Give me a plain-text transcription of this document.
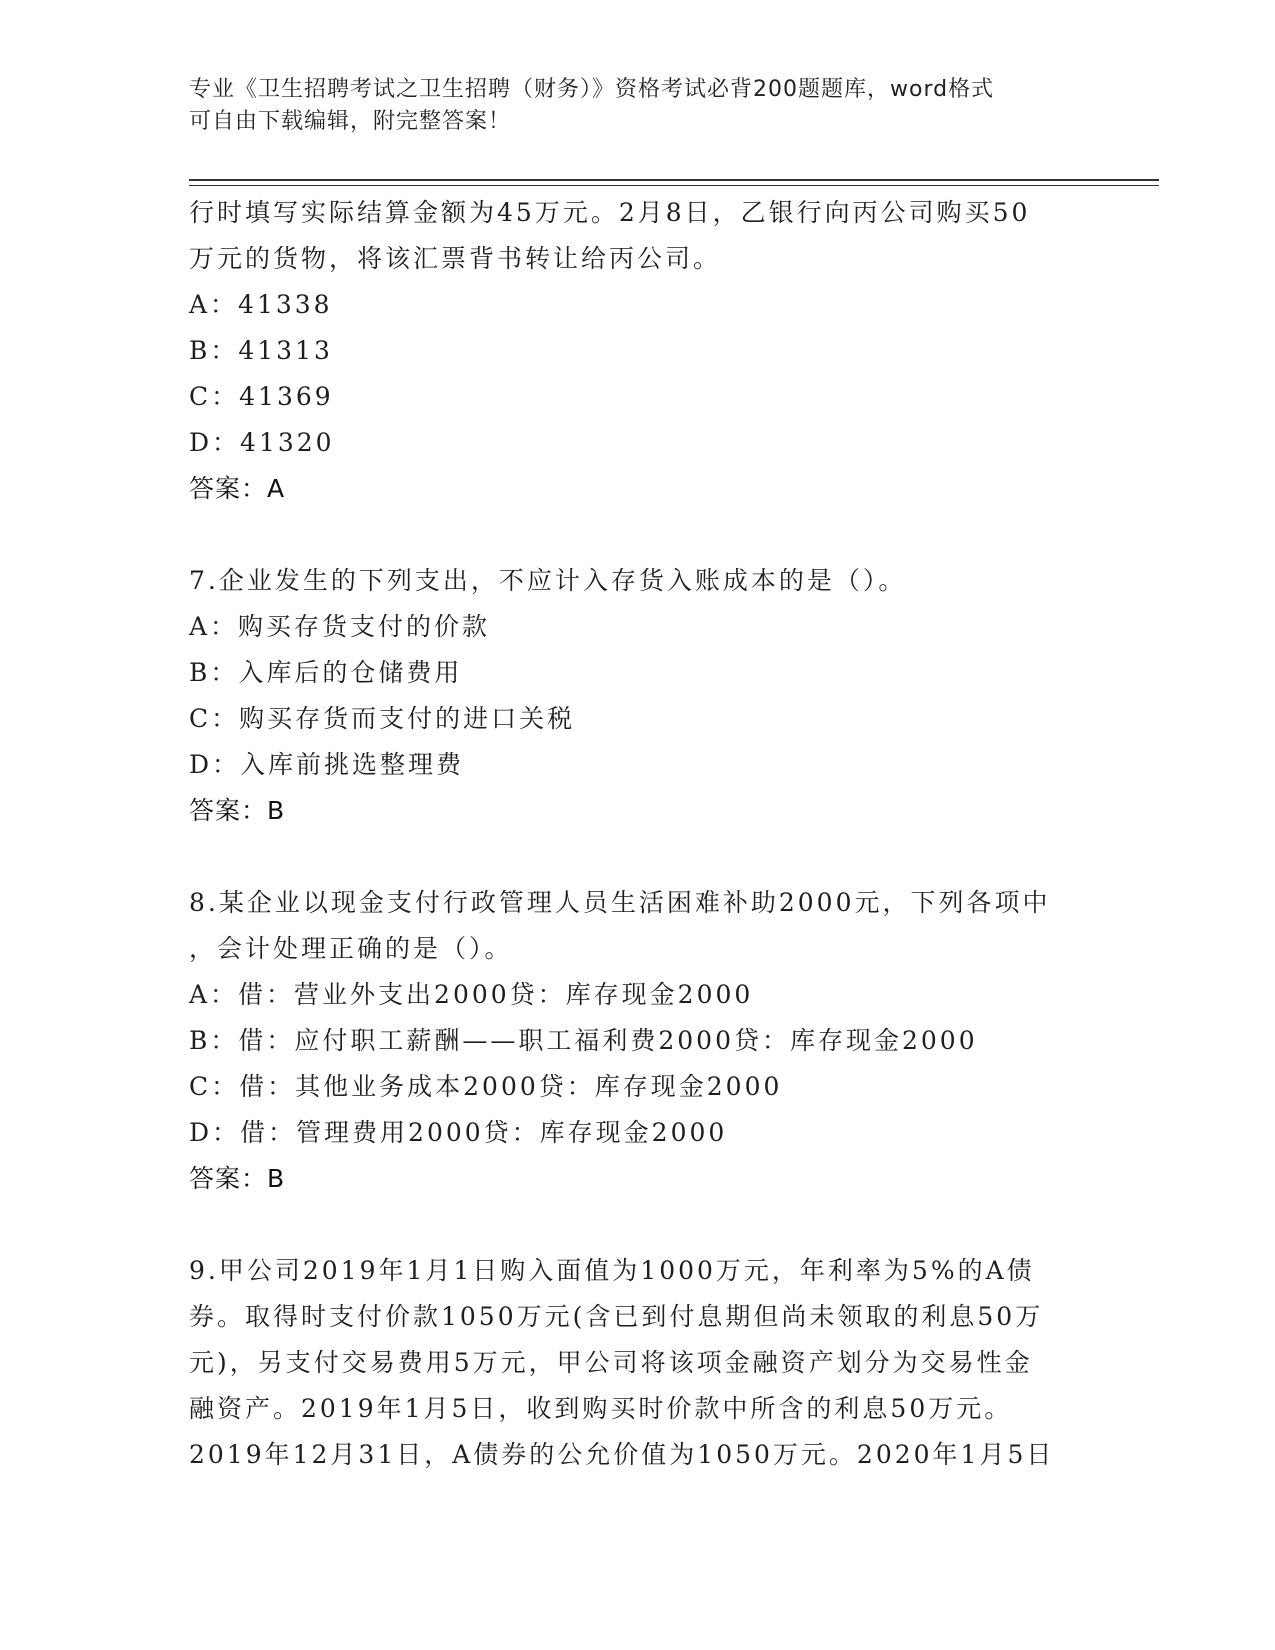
专业《卫生招聘考试之卫生招聘（财务）》资格考试必背200题题库，word格式
可自由下载编辑，附完整答案！
行时填写实际结算金额为45万元。2月8日，乙银行向丙公司购买50
万元的货物，将该汇票背书转让给丙公司。
A：41338
B：41313
C：41369
D：41320
答案：A
7.企业发生的下列支出，不应计入存货入账成本的是（）。
A：购买存货支付的价款
B：入库后的仓储费用
C：购买存货而支付的进口关税
D：入库前挑选整理费
答案：B
8.某企业以现金支付行政管理人员生活困难补助2000元，下列各项中
，会计处理正确的是（）。
A：借：营业外支出2000贷：库存现金2000
B：借：应付职工薪酬——职工福利费2000贷：库存现金2000
C：借：其他业务成本2000贷：库存现金2000
D：借：管理费用2000贷：库存现金2000
答案：B
9.甲公司2019年1月1日购入面值为1000万元，年利率为5%的A债
券。取得时支付价款1050万元(含已到付息期但尚未领取的利息50万
元)，另支付交易费用5万元，甲公司将该项金融资产划分为交易性金
融资产。2019年1月5日，收到购买时价款中所含的利息50万元。
2019年12月31日，A债券的公允价值为1050万元。2020年1月5日
